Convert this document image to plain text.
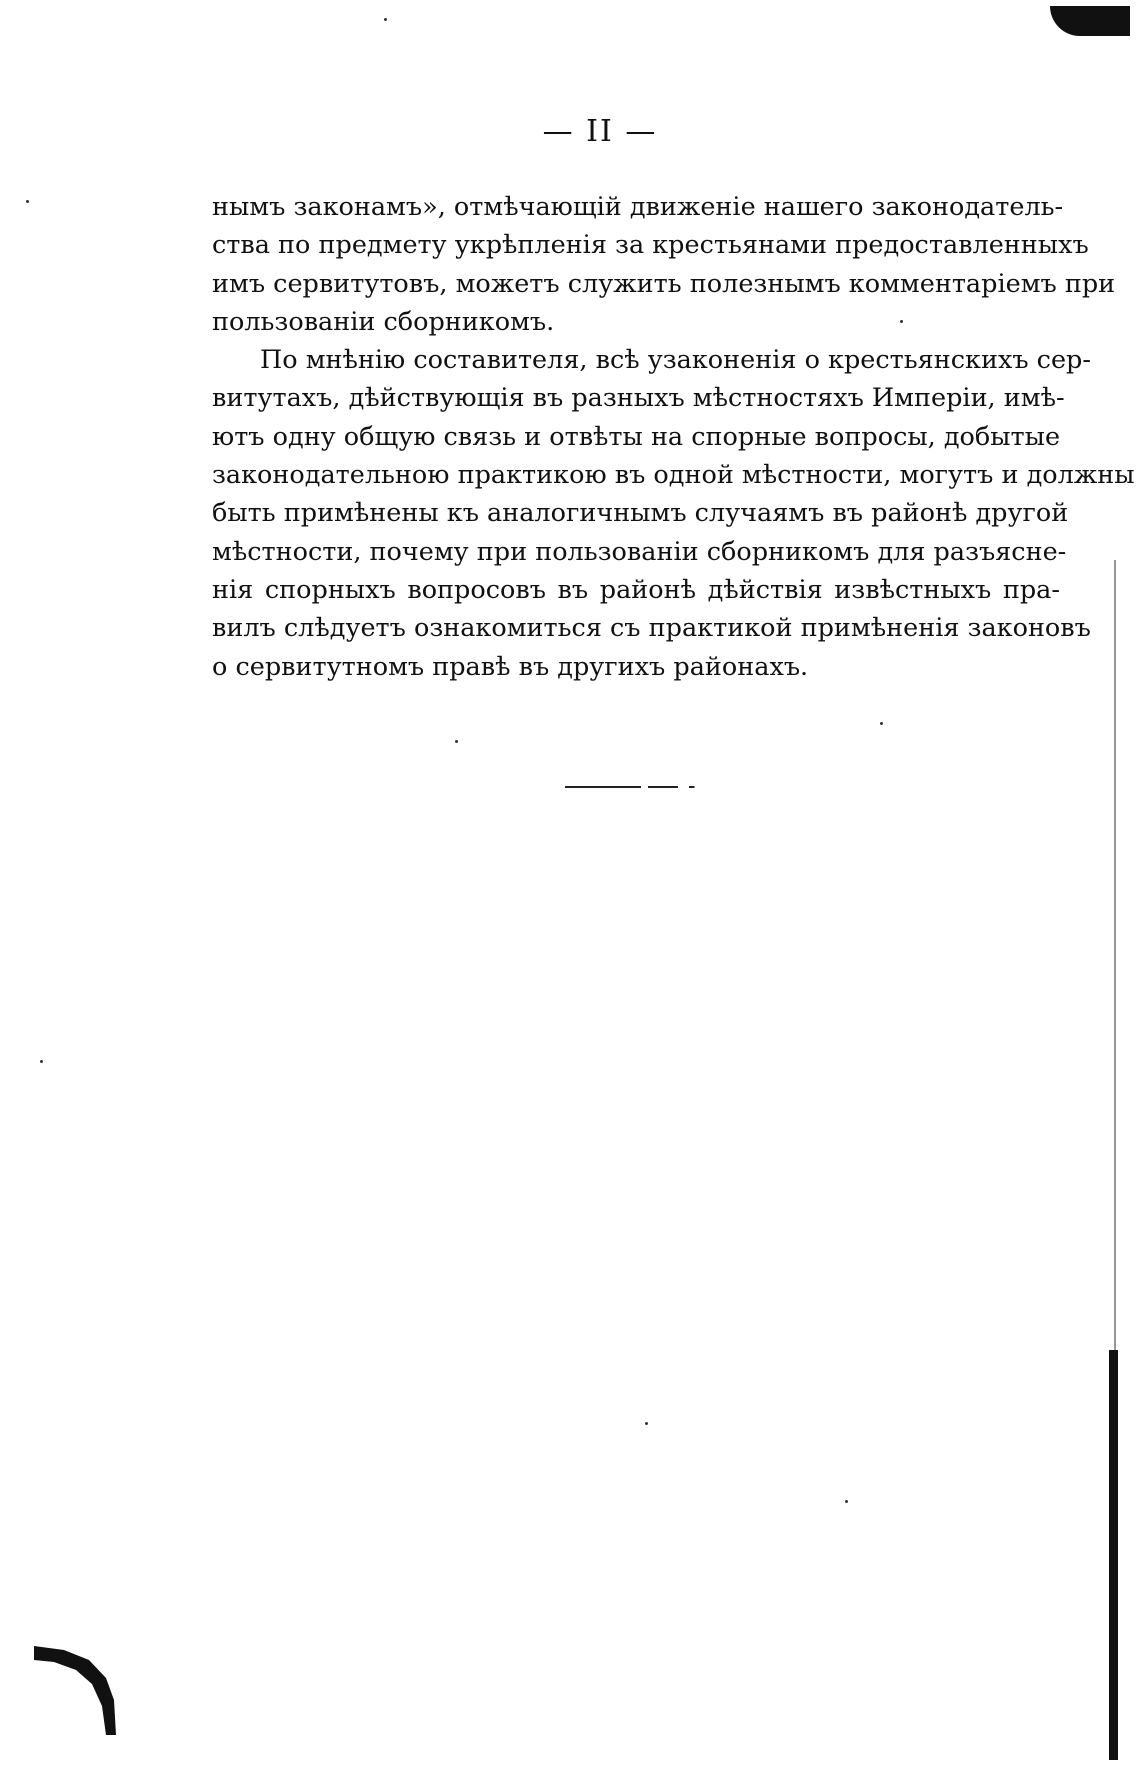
— II —

нымъ законамъ», отмѣчающій движеніе нашего законодатель-
ства по предмету укрѣпленія за крестьянами предоставленныхъ
имъ сервитутовъ, можетъ служить полезнымъ комментаріемъ при
пользованіи сборникомъ.

По мнѣнію составителя, всѣ узаконенія о крестьянскихъ сер-
витутахъ, дѣйствующія въ разныхъ мѣстностяхъ Имперіи, имѣ-
ютъ одну общую связь и отвѣты на спорные вопросы, добытые
законодательною практикою въ одной мѣстности, могутъ и должны
быть примѣнены къ аналогичнымъ случаямъ въ районѣ другой
мѣстности, почему при пользованіи сборникомъ для разъясне-
нія спорныхъ вопросовъ въ районѣ дѣйствія извѣстныхъ пра-
вилъ слѣдуетъ ознакомиться съ практикой примѣненія законовъ
о сервитутномъ правѣ въ другихъ районахъ.
